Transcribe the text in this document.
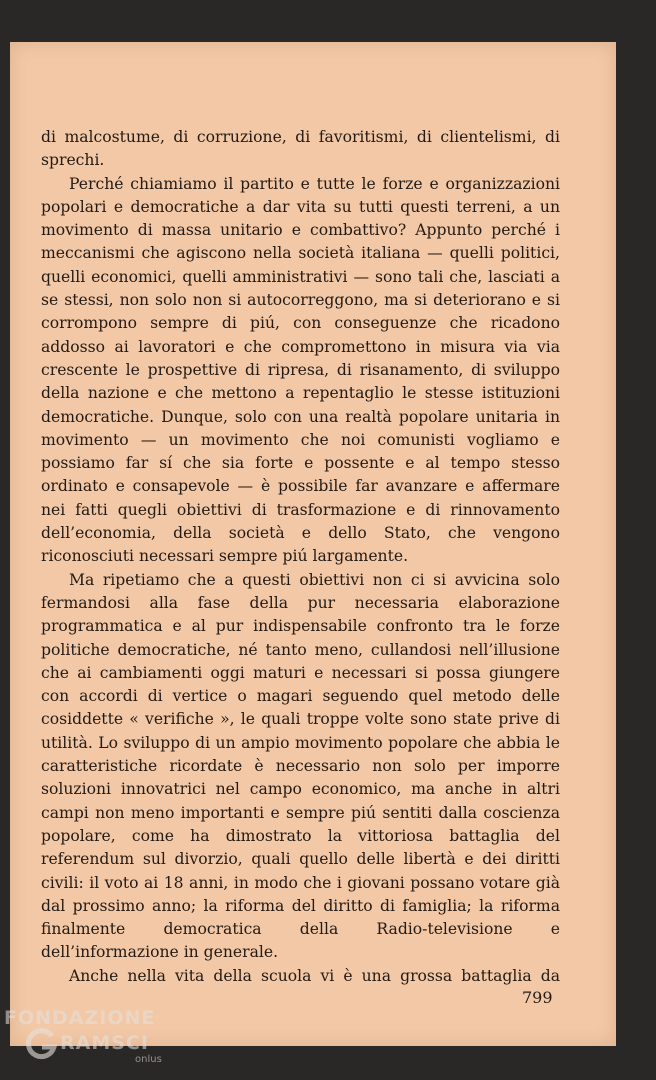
di malcostume, di corruzione, di favoritismi, di clientelismi, di sprechi.

Perché chiamiamo il partito e tutte le forze e organizzazioni popolari e democratiche a dar vita su tutti questi terreni, a un movimento di massa unitario e combattivo? Appunto perché i meccanismi che agiscono nella società italiana — quelli politici, quelli economici, quelli amministrativi — sono tali che, lasciati a se stessi, non solo non si autocorreggono, ma si deteriorano e si corrompono sempre di piú, con conseguenze che ricadono addosso ai lavoratori e che compromettono in misura via via crescente le prospettive di ripresa, di risanamento, di sviluppo della nazione e che mettono a repentaglio le stesse istituzioni democratiche. Dunque, solo con una realtà popolare unitaria in movimento — un movimento che noi comunisti vogliamo e possiamo far sí che sia forte e possente e al tempo stesso ordinato e consapevole — è possibile far avanzare e affermare nei fatti quegli obiettivi di trasformazione e di rinnovamento dell’economia, della società e dello Stato, che vengono riconosciuti necessari sempre piú largamente.

Ma ripetiamo che a questi obiettivi non ci si avvicina solo fermandosi alla fase della pur necessaria elaborazione programmatica e al pur indispensabile confronto tra le forze politiche democratiche, né tanto meno, cullandosi nell’illusione che ai cambiamenti oggi maturi e necessari si possa giungere con accordi di vertice o magari seguendo quel metodo delle cosiddette « verifiche », le quali troppe volte sono state prive di utilità. Lo sviluppo di un ampio movimento popolare che abbia le caratteristiche ricordate è necessario non solo per imporre soluzioni innovatrici nel campo economico, ma anche in altri campi non meno importanti e sempre piú sentiti dalla coscienza popolare, come ha dimostrato la vittoriosa battaglia del referendum sul divorzio, quali quello delle libertà e dei diritti civili: il voto ai 18 anni, in modo che i giovani possano votare già dal prossimo anno; la riforma del diritto di famiglia; la riforma finalmente democratica della Radio-televisione e dell’informazione in generale.

Anche nella vita della scuola vi è una grossa battaglia da

799
FONDAZIONE
RAMSCI
onlus
